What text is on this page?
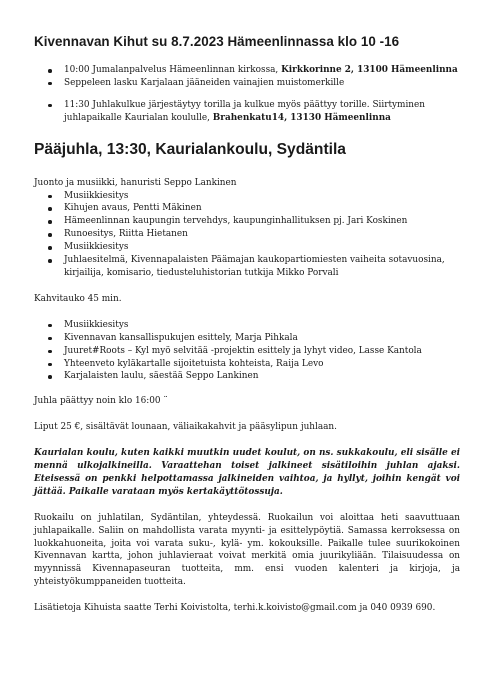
Kivennavan Kihut su 8.7.2023 Hämeenlinnassa klo 10 -16
10:00 Jumalanpalvelus Hämeenlinnan kirkossa, Kirkkorinne 2, 13100 Hämeenlinna
Seppeleen lasku Karjalaan jääneiden vainajien muistomerkille
11:30 Juhlakulkue järjestäytyy torilla ja kulkue myös päättyy torille. Siirtyminen juhlapaikalle Kaurialan koululle, Brahenkatu14, 13130 Hämeenlinna
Pääjuhla, 13:30, Kaurialankoulu, Sydäntila

Juonto ja musiikki, hanuristi Seppo Lankinen

Musiikkiesitys
Kihujen avaus, Pentti Mäkinen
Hämeenlinnan kaupungin tervehdys, kaupunginhallituksen pj. Jari Koskinen
Runoesitys, Riitta Hietanen
Musiikkiesitys
Juhlaesitelmä, Kivennapalaisten Päämajan kaukopartiomiesten vaiheita sotavuosina, kirjailija, komisario, tiedusteluhistorian tutkija Mikko Porvali

Kahvitauko 45 min.

Musiikkiesitys
Kivennavan kansallispukujen esittely, Marja Pihkala
Juuret#Roots – Kyl myö selvitää -projektin esittely ja lyhyt video, Lasse Kantola
Yhteenveto kyläkartalle sijoitetuista kohteista, Raija Levo
Karjalaisten laulu, säestää Seppo Lankinen

Juhla päättyy noin klo 16:00 ¨

Liput 25 €, sisältävät lounaan, väliaikakahvit ja pääsylipun juhlaan.

Kaurialan koulu, kuten kaikki muutkin uudet koulut, on ns. sukkakoulu, eli sisälle ei mennä ulkojalkineilla. Varaattehan toiset jalkineet sisätiloihin juhlan ajaksi. Eteisessä on penkki helpottamassa jalkineiden vaihtoa, ja hyllyt, joihin kengät voi jättää. Paikalle varataan myös kertakäyttötossuja.

Ruokailu on juhlatilan, Sydäntilan, yhteydessä. Ruokailun voi aloittaa heti saavuttuaan juhlapaikalle. Saliin on mahdollista varata myynti- ja esittelypöytiä. Samassa kerroksessa on luokkahuoneita, joita voi varata suku-, kylä- ym. kokouksille. Paikalle tulee suurikokoinen Kivennavan kartta, johon juhlavieraat voivat merkitä omia juurikyliään. Tilaisuudessa on myynnissä Kivennapaseuran tuotteita, mm. ensi vuoden kalenteri ja kirjoja, ja yhteistyökumppaneiden tuotteita.

Lisätietoja Kihuista saatte Terhi Koivistolta, terhi.k.koivisto@gmail.com ja 040 0939 690.
